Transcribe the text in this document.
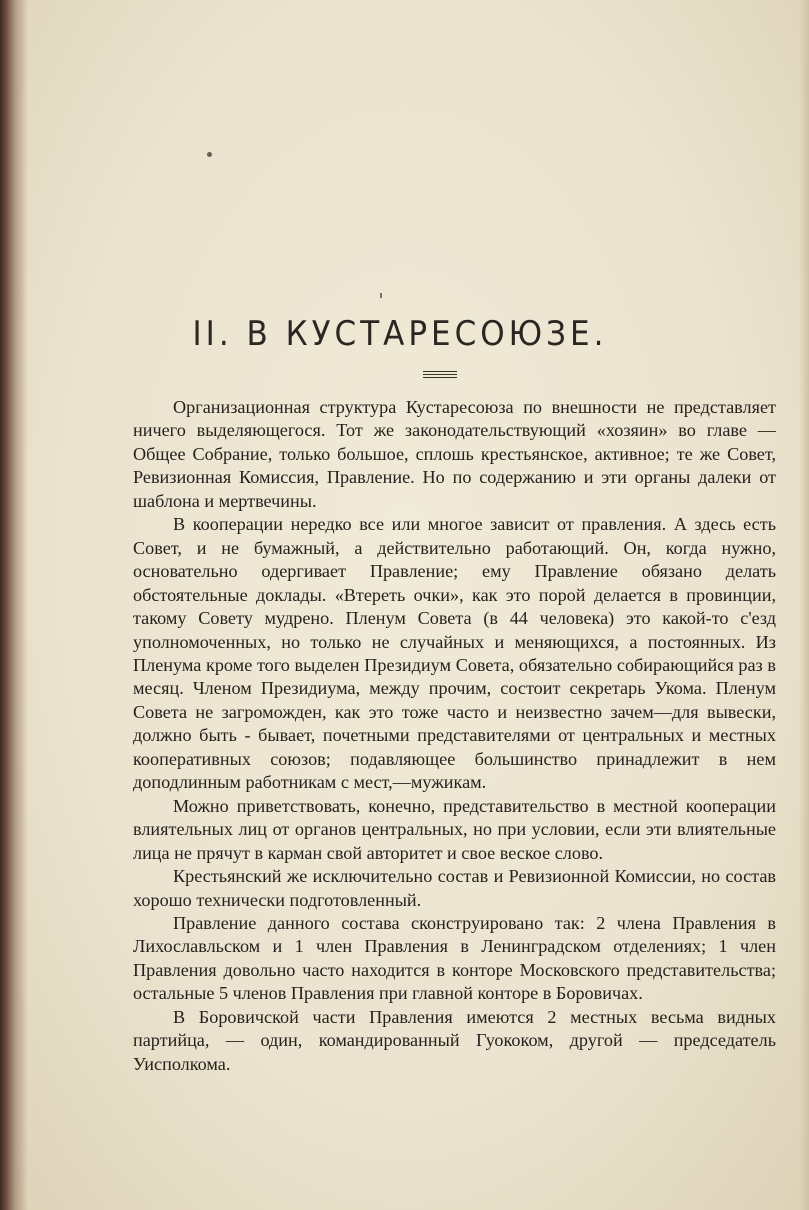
II. В КУСТАРЕСОЮЗЕ.

Организационная структура Кустаресоюза по внешности не представляет ничего выделяющегося. Тот же законодательствующий «хозяин» во главе — Общее Собрание, только большое, сплошь крестьянское, активное; те же Совет, Ревизионная Комиссия, Правление. Но по содержанию и эти органы далеки от шаблона и мертвечины.

В кооперации нередко все или многое зависит от правления. А здесь есть Совет, и не бумажный, а действительно работающий. Он, когда нужно, основательно одергивает Правление; ему Правление обязано делать обстоятельные доклады. «Втереть очки», как это порой делается в провинции, такому Совету мудрено. Пленум Совета (в 44 человека) это какой-то с'езд уполномоченных, но только не случайных и меняющихся, а постоянных. Из Пленума кроме того выделен Президиум Совета, обязательно собирающийся раз в месяц. Членом Президиума, между прочим, состоит секретарь Укома. Пленум Совета не загроможден, как это тоже часто и неизвестно зачем—для вывески, должно быть - бывает, почетными представителями от центральных и местных кооперативных союзов; подавляющее большинство принадлежит в нем доподлинным работникам с мест,—мужикам.

Можно приветствовать, конечно, представительство в местной кооперации влиятельных лиц от органов центральных, но при условии, если эти влиятельные лица не прячут в карман свой авторитет и свое веское слово.

Крестьянский же исключительно состав и Ревизионной Комиссии, но состав хорошо технически подготовленный.

Правление данного состава сконструировано так: 2 члена Правления в Лихославльском и 1 член Правления в Ленинградском отделениях; 1 член Правления довольно часто находится в конторе Московского представительства; остальные 5 членов Правления при главной конторе в Боровичах.

В Боровичской части Правления имеются 2 местных весьма видных партийца, — один, командированный Гуококом, другой — председатель Уисполкома.
